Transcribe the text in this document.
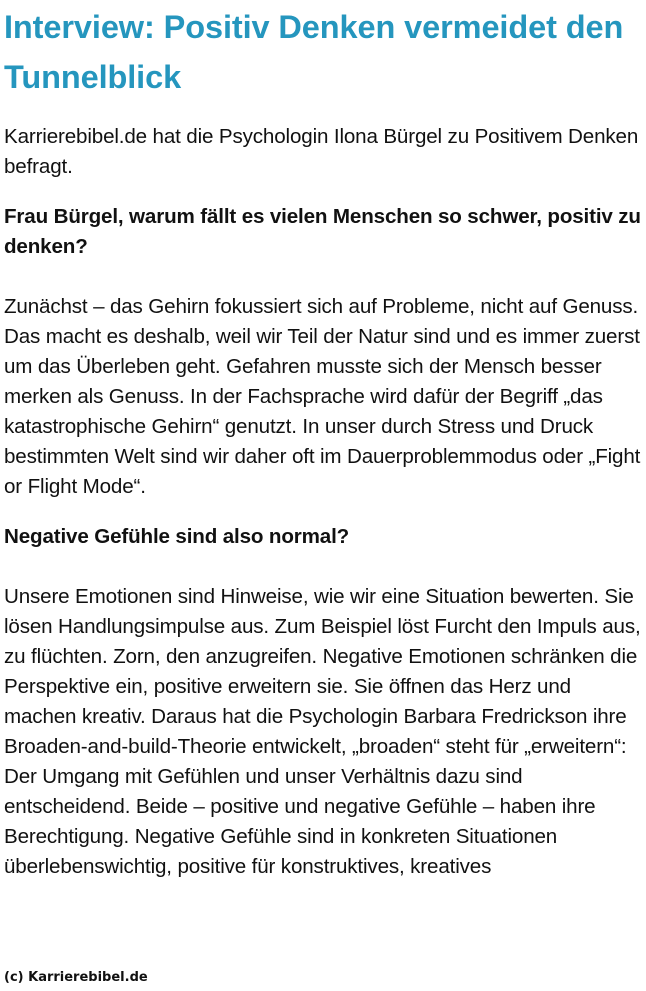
Interview: Positiv Denken vermeidet den Tunnelblick

Karrierebibel.de hat die Psychologin Ilona Bürgel zu Positivem Denken befragt.

Frau Bürgel, warum fällt es vielen Menschen so schwer, positiv zu denken?

Zunächst – das Gehirn fokussiert sich auf Probleme, nicht auf Genuss. Das macht es deshalb, weil wir Teil der Natur sind und es immer zuerst um das Überleben geht. Gefahren musste sich der Mensch besser merken als Genuss. In der Fachsprache wird dafür der Begriff „das katastrophische Gehirn“ genutzt. In unser durch Stress und Druck bestimmten Welt sind wir daher oft im Dauerproblemmodus oder „Fight or Flight Mode“.

Negative Gefühle sind also normal?

Unsere Emotionen sind Hinweise, wie wir eine Situation bewerten. Sie lösen Handlungsimpulse aus. Zum Beispiel löst Furcht den Impuls aus, zu flüchten. Zorn, den anzugreifen. Negative Emotionen schränken die Perspektive ein, positive erweitern sie. Sie öffnen das Herz und machen kreativ. Daraus hat die Psychologin Barbara Fredrickson ihre Broaden-and-build-Theorie entwickelt, „broaden“ steht für „erweitern“: Der Umgang mit Gefühlen und unser Verhältnis dazu sind entscheidend. Beide – positive und negative Gefühle – haben ihre Berechtigung. Negative Gefühle sind in konkreten Situationen überlebenswichtig, positive für konstruktives, kreatives

(c) Karrierebibel.de
